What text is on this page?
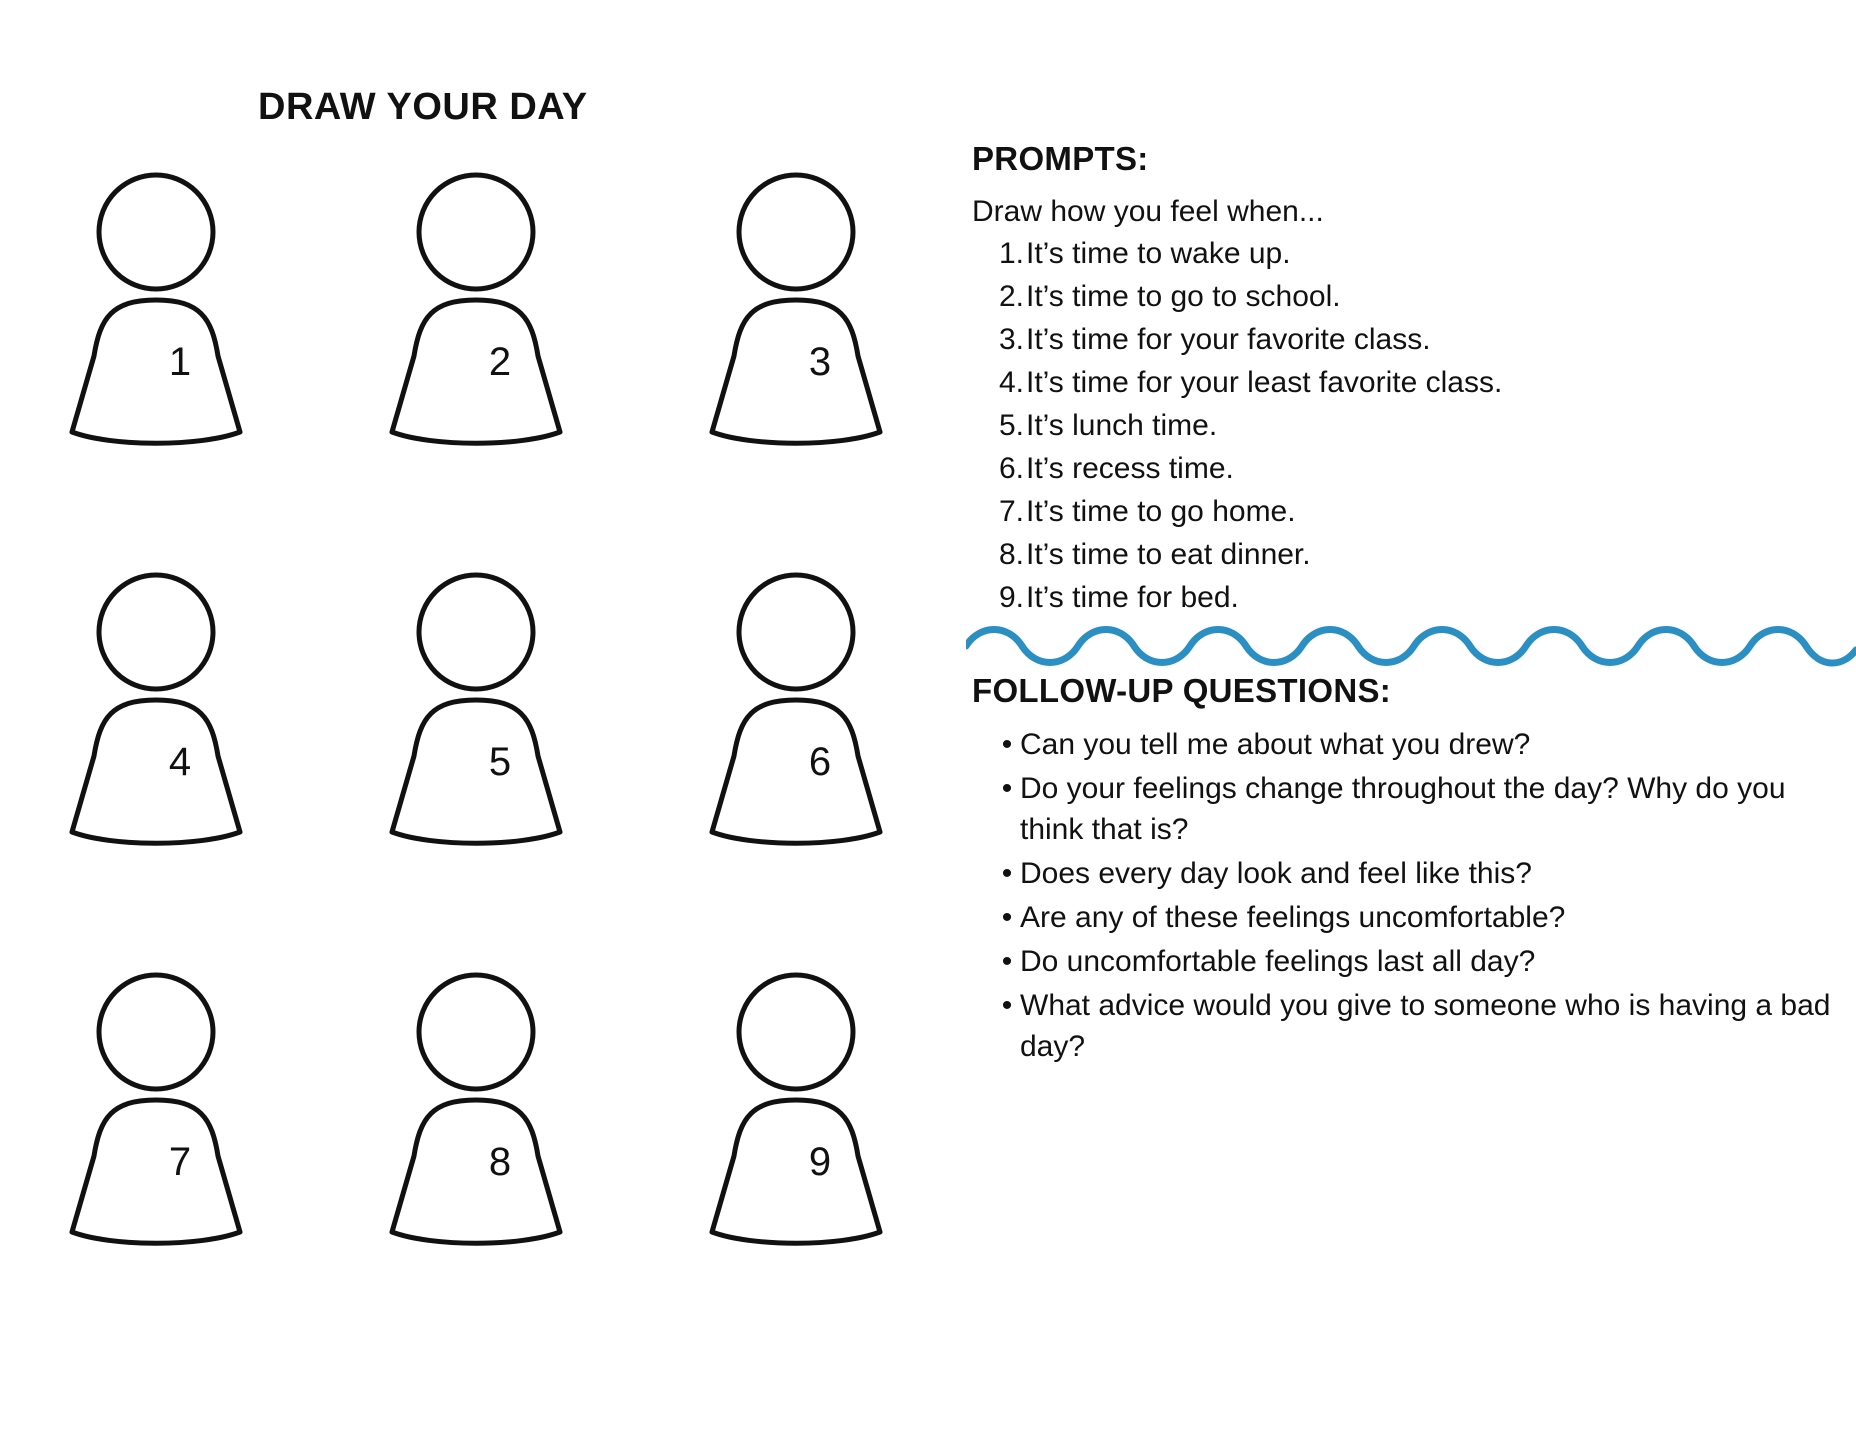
DRAW YOUR DAY
1	2	3
4	5	6
7	8	9
PROMPTS:
Draw how you feel when...
1. It’s time to wake up.
2. It’s time to go to school.
3. It’s time for your favorite class.
4. It’s time for your least favorite class.
5. It’s lunch time.
6. It’s recess time.
7. It’s time to go home.
8. It’s time to eat dinner.
9. It’s time for bed.
FOLLOW-UP QUESTIONS:
• Can you tell me about what you drew?
• Do your feelings change throughout the day? Why do you think that is?
• Does every day look and feel like this?
• Are any of these feelings uncomfortable?
• Do uncomfortable feelings last all day?
• What advice would you give to someone who is having a bad day?
